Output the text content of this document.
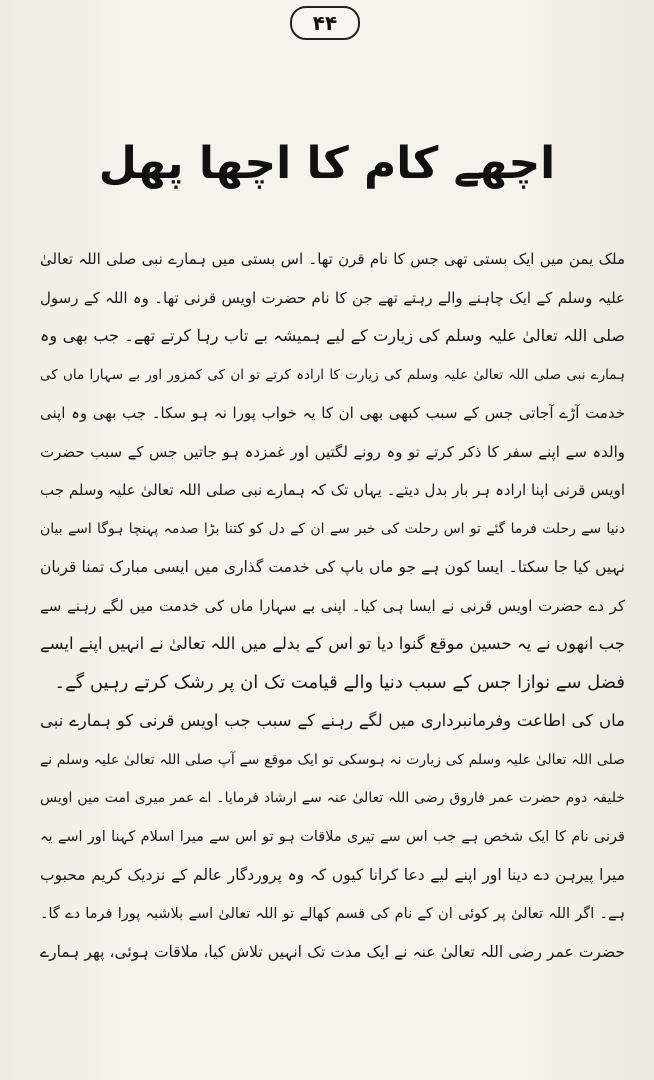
۴۴
اچھے کام کا اچھا پھل
ملک یمن میں ایک بستی تھی جس کا نام قرن تھا۔ اس بستی میں ہمارے نبی صلی اللہ تعالیٰ
علیہ وسلم کے ایک چاہنے والے رہتے تھے جن کا نام حضرت اویس قرنی تھا۔ وہ اللہ کے رسول
صلی اللہ تعالیٰ علیہ وسلم کی زیارت کے لیے ہمیشہ بے تاب رہا کرتے تھے۔ جب بھی وہ
ہمارے نبی صلی اللہ تعالیٰ علیہ وسلم کی زیارت کا ارادہ کرتے تو ان کی کمزور اور بے سہارا ماں کی
خدمت آڑے آجاتی جس کے سبب کبھی بھی ان کا یہ خواب پورا نہ ہو سکا۔ جب بھی وہ اپنی
والدہ سے اپنے سفر کا ذکر کرتے تو وہ رونے لگتیں اور غمزدہ ہو جاتیں جس کے سبب حضرت
اویس قرنی اپنا ارادہ ہر بار بدل دیتے۔ یہاں تک کہ ہمارے نبی صلی اللہ تعالیٰ علیہ وسلم جب
دنیا سے رحلت فرما گئے تو اس رحلت کی خبر سے ان کے دل کو کتنا بڑا صدمہ پہنچا ہوگا اسے بیان
نہیں کیا جا سکتا۔ ایسا کون ہے جو ماں باپ کی خدمت گذاری میں ایسی مبارک تمنا قربان
کر دے حضرت اویس قرنی نے ایسا ہی کیا۔ اپنی بے سہارا ماں کی خدمت میں لگے رہنے سے
جب انھوں نے یہ حسین موقع گنوا دیا تو اس کے بدلے میں اللہ تعالیٰ نے انہیں اپنے ایسے
فضل سے نوازا جس کے سبب دنیا والے قیامت تک ان پر رشک کرتے رہیں گے۔
ماں کی اطاعت وفرمانبرداری میں لگے رہنے کے سبب جب اویس قرنی کو ہمارے نبی
صلی اللہ تعالیٰ علیہ وسلم کی زیارت نہ ہوسکی تو ایک موقع سے آپ صلی اللہ تعالیٰ علیہ وسلم نے
خلیفہ دوم حضرت عمر فاروق رضی اللہ تعالیٰ عنہ سے ارشاد فرمایا۔ اے عمر میری امت میں اویس
قرنی نام کا ایک شخص ہے جب اس سے تیری ملاقات ہو تو اس سے میرا اسلام کہنا اور اسے یہ
میرا پیرہن دے دینا اور اپنے لیے دعا کرانا کیوں کہ وہ پروردگار عالم کے نزدیک کریم محبوب
ہے۔ اگر اللہ تعالیٰ پر کوئی ان کے نام کی قسم کھالے تو اللہ تعالیٰ اسے بلاشبہ پورا فرما دے گا۔
حضرت عمر رضی اللہ تعالیٰ عنہ نے ایک مدت تک انہیں تلاش کیا، ملاقات ہوئی، پھر ہمارے
